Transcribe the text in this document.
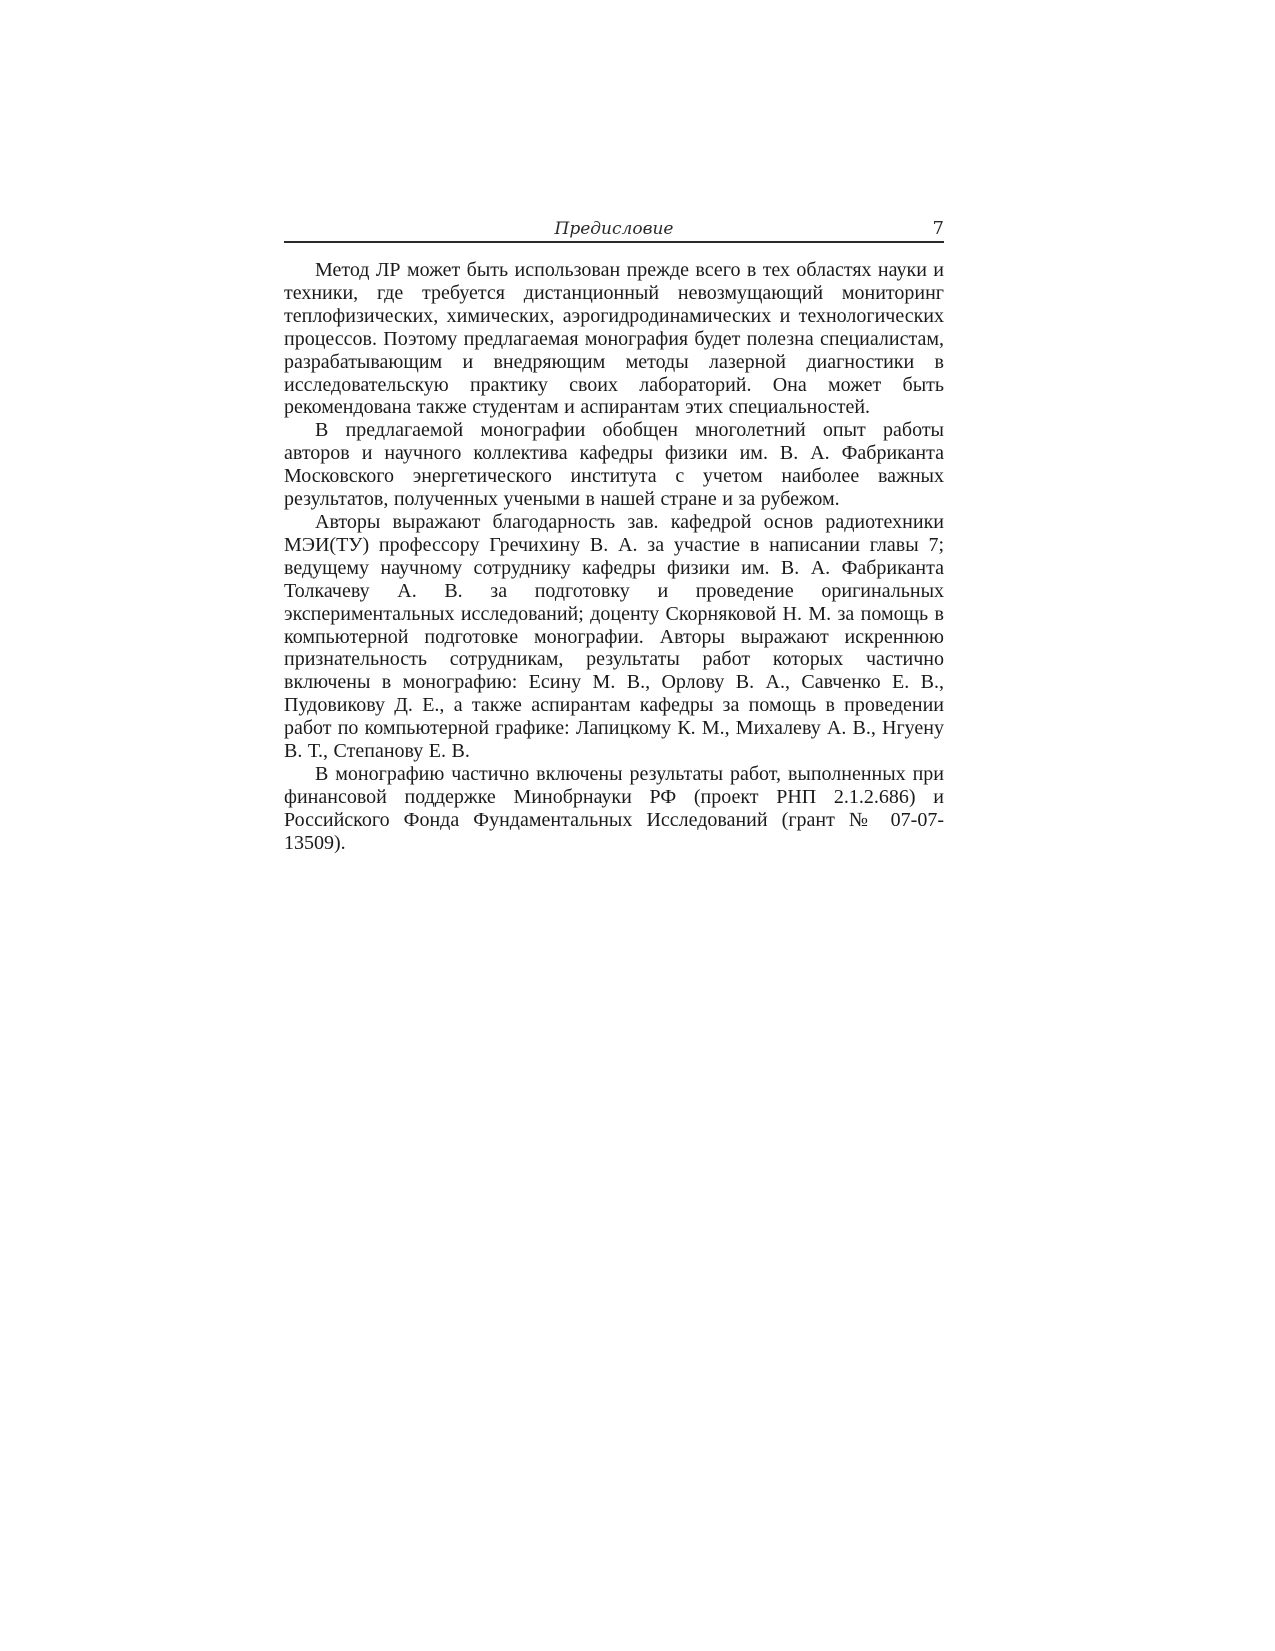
Предисловие	7

Метод ЛР может быть использован прежде всего в тех областях науки и техники, где требуется дистанционный невозмущающий мониторинг теплофизических, химических, аэрогидродинамических и технологических процессов. Поэтому предлагаемая монография будет полезна специалистам, разрабатывающим и внедряющим методы лазерной диагностики в исследовательскую практику своих лабораторий. Она может быть рекомендована также студентам и аспирантам этих специальностей.

В предлагаемой монографии обобщен многолетний опыт работы авторов и научного коллектива кафедры физики им. В. А. Фабриканта Московского энергетического института с учетом наиболее важных результатов, полученных учеными в нашей стране и за рубежом.

Авторы выражают благодарность зав. кафедрой основ радиотехники МЭИ(ТУ) профессору Гречихину В. А. за участие в написании главы 7; ведущему научному сотруднику кафедры физики им. В. А. Фабриканта Толкачеву А. В. за подготовку и проведение оригинальных экспериментальных исследований; доценту Скорняковой Н. М. за помощь в компьютерной подготовке монографии. Авторы выражают искреннюю признательность сотрудникам, результаты работ которых частично включены в монографию: Есину М. В., Орлову В. А., Савченко Е. В., Пудовикову Д. Е., а также аспирантам кафедры за помощь в проведении работ по компьютерной графике: Лапицкому К. М., Михалеву А. В., Нгуену В. Т., Степанову Е. В.

В монографию частично включены результаты работ, выполненных при финансовой поддержке Минобрнауки РФ (проект РНП 2.1.2.686) и Российского Фонда Фундаментальных Исследований (грант № 07-07-13509).
